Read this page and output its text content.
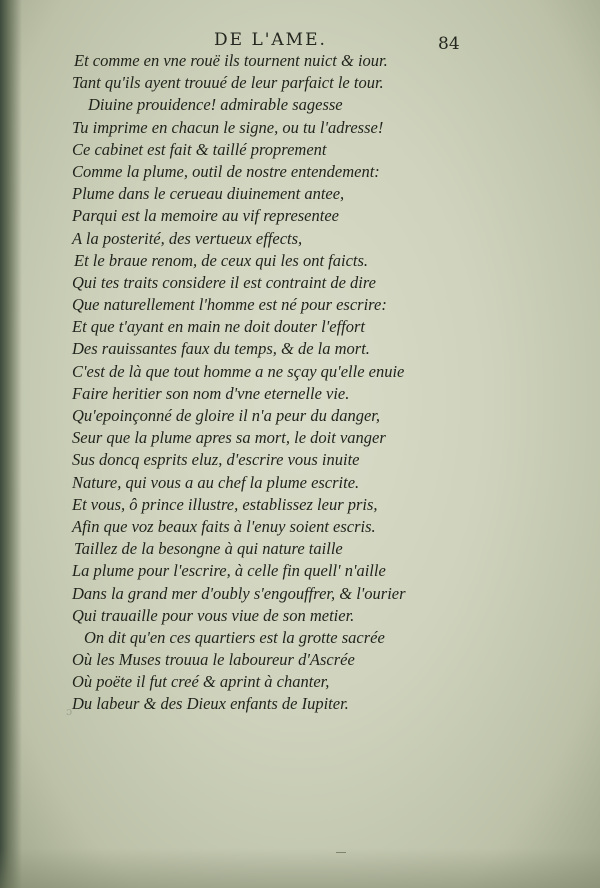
DE L'AME.	84
Et comme en vne rouë ils tournent nuict & iour.
Tant qu'ils ayent trouué de leur parfaict le tour.
Diuine prouidence! admirable sagesse
Tu imprime en chacun le signe, ou tu l'adresse!
Ce cabinet est fait & taillé proprement
Comme la plume, outil de nostre entendement:
Plume dans le cerueau diuinement antee,
Parqui est la memoire au vif representee
A la posterité, des vertueux effects,
Et le braue renom, de ceux qui les ont faicts.
Qui tes traits considere il est contraint de dire
Que naturellement l'homme est né pour escrire:
Et que t'ayant en main ne doit douter l'effort
Des rauissantes faux du temps, & de la mort.
C'est de là que tout homme a ne sçay qu'elle enuie
Faire heritier son nom d'vne eternelle vie.
Qu'epoinçonné de gloire il n'a peur du danger,
Seur que la plume apres sa mort, le doit vanger
Sus doncq esprits eluz, d'escrire vous inuite
Nature, qui vous a au chef la plume escrite.
Et vous, ô prince illustre, establissez leur pris,
Afin que voz beaux faits à l'enuy soient escris.
Taillez de la besongne à qui nature taille
La plume pour l'escrire, à celle fin quell' n'aille
Dans la grand mer d'oubly s'engouffrer, & l'ourier
Qui trauaille pour vous viue de son metier.
On dit qu'en ces quartiers est la grotte sacrée
Où les Muses trouua le laboureur d'Ascrée
Où poëte il fut creé & aprint à chanter,
Du labeur & des Dieux enfants de Iupiter.
ɔ
